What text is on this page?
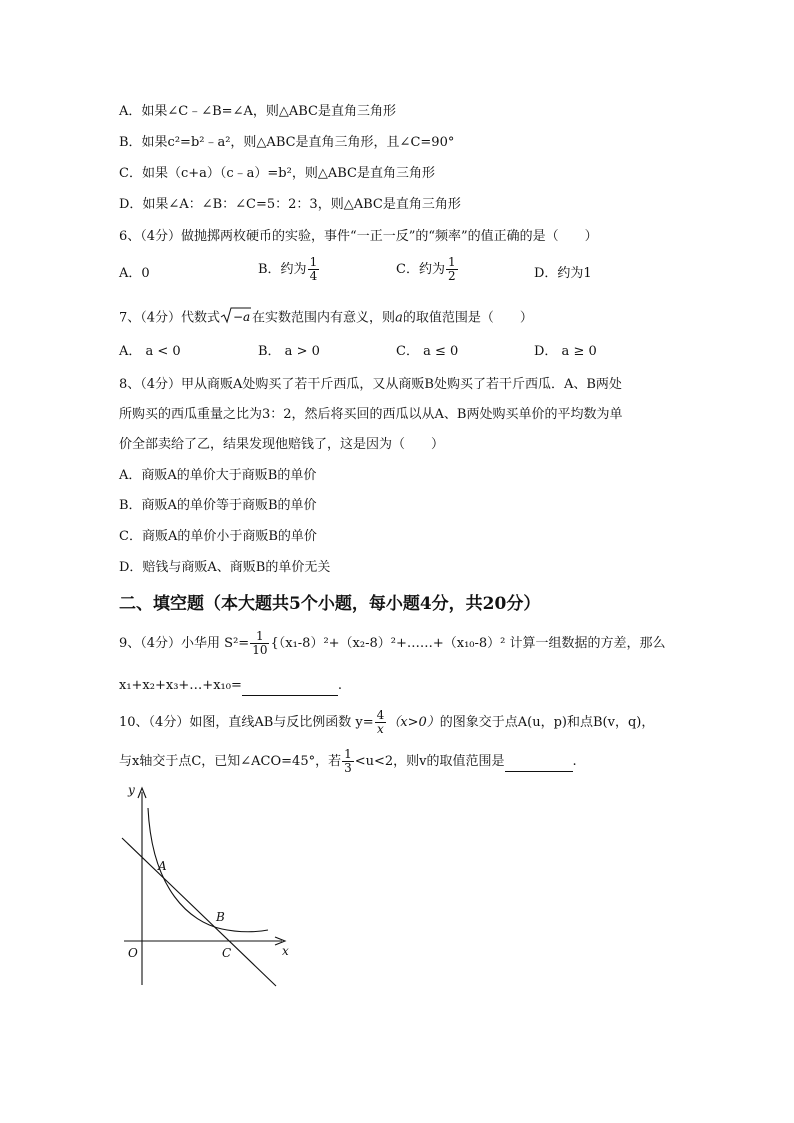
A．如果∠C﹣∠B=∠A，则△ABC是直角三角形
B．如果c²=b²﹣a²，则△ABC是直角三角形，且∠C=90°
C．如果（c+a）（c﹣a）=b²，则△ABC是直角三角形
D．如果∠A：∠B：∠C=5：2：3，则△ABC是直角三角形
6、（4分）做抛掷两枚硬币的实验，事件“一正一反”的“频率”的值正确的是（　　）
A．0	B．约为 $\frac{1}{4}$	C．约为 $\frac{1}{2}$	D．约为1
7、（4分）代数式 −a 在实数范围内有意义，则a的取值范围是（　　）
A． a < 0	B． a > 0	C． a ≤ 0	D． a ≥ 0
8、（4分）甲从商贩A处购买了若干斤西瓜，又从商贩B处购买了若干斤西瓜．A、B两处
所购买的西瓜重量之比为3：2，然后将买回的西瓜以从A、B两处购买单价的平均数为单
价全部卖给了乙，结果发现他赔钱了，这是因为（　　）
A．商贩A的单价大于商贩B的单价
B．商贩A的单价等于商贩B的单价
C．商贩A的单价小于商贩B的单价
D．赔钱与商贩A、商贩B的单价无关
二、填空题（本大题共5个小题，每小题4分，共20分）
9、（4分）小华用 $S^2= \frac{1}{10}$ {（x₁-8）²+（x₂-8）²+……+（x₁₀-8）² 计算一组数据的方差，那么
x₁+x₂+x₃+…+x₁₀=	.
10、（4分）如图，直线AB与反比例函数 $y= \frac{4}{x} (x>0)$的图象交于点A(u，p)和点B(v，q)，
与x轴交于点C，已知∠ACO=45°，若 $\frac{1}{3} <u<2$，则v的取值范围是	.
y
x
O
A
B
C
